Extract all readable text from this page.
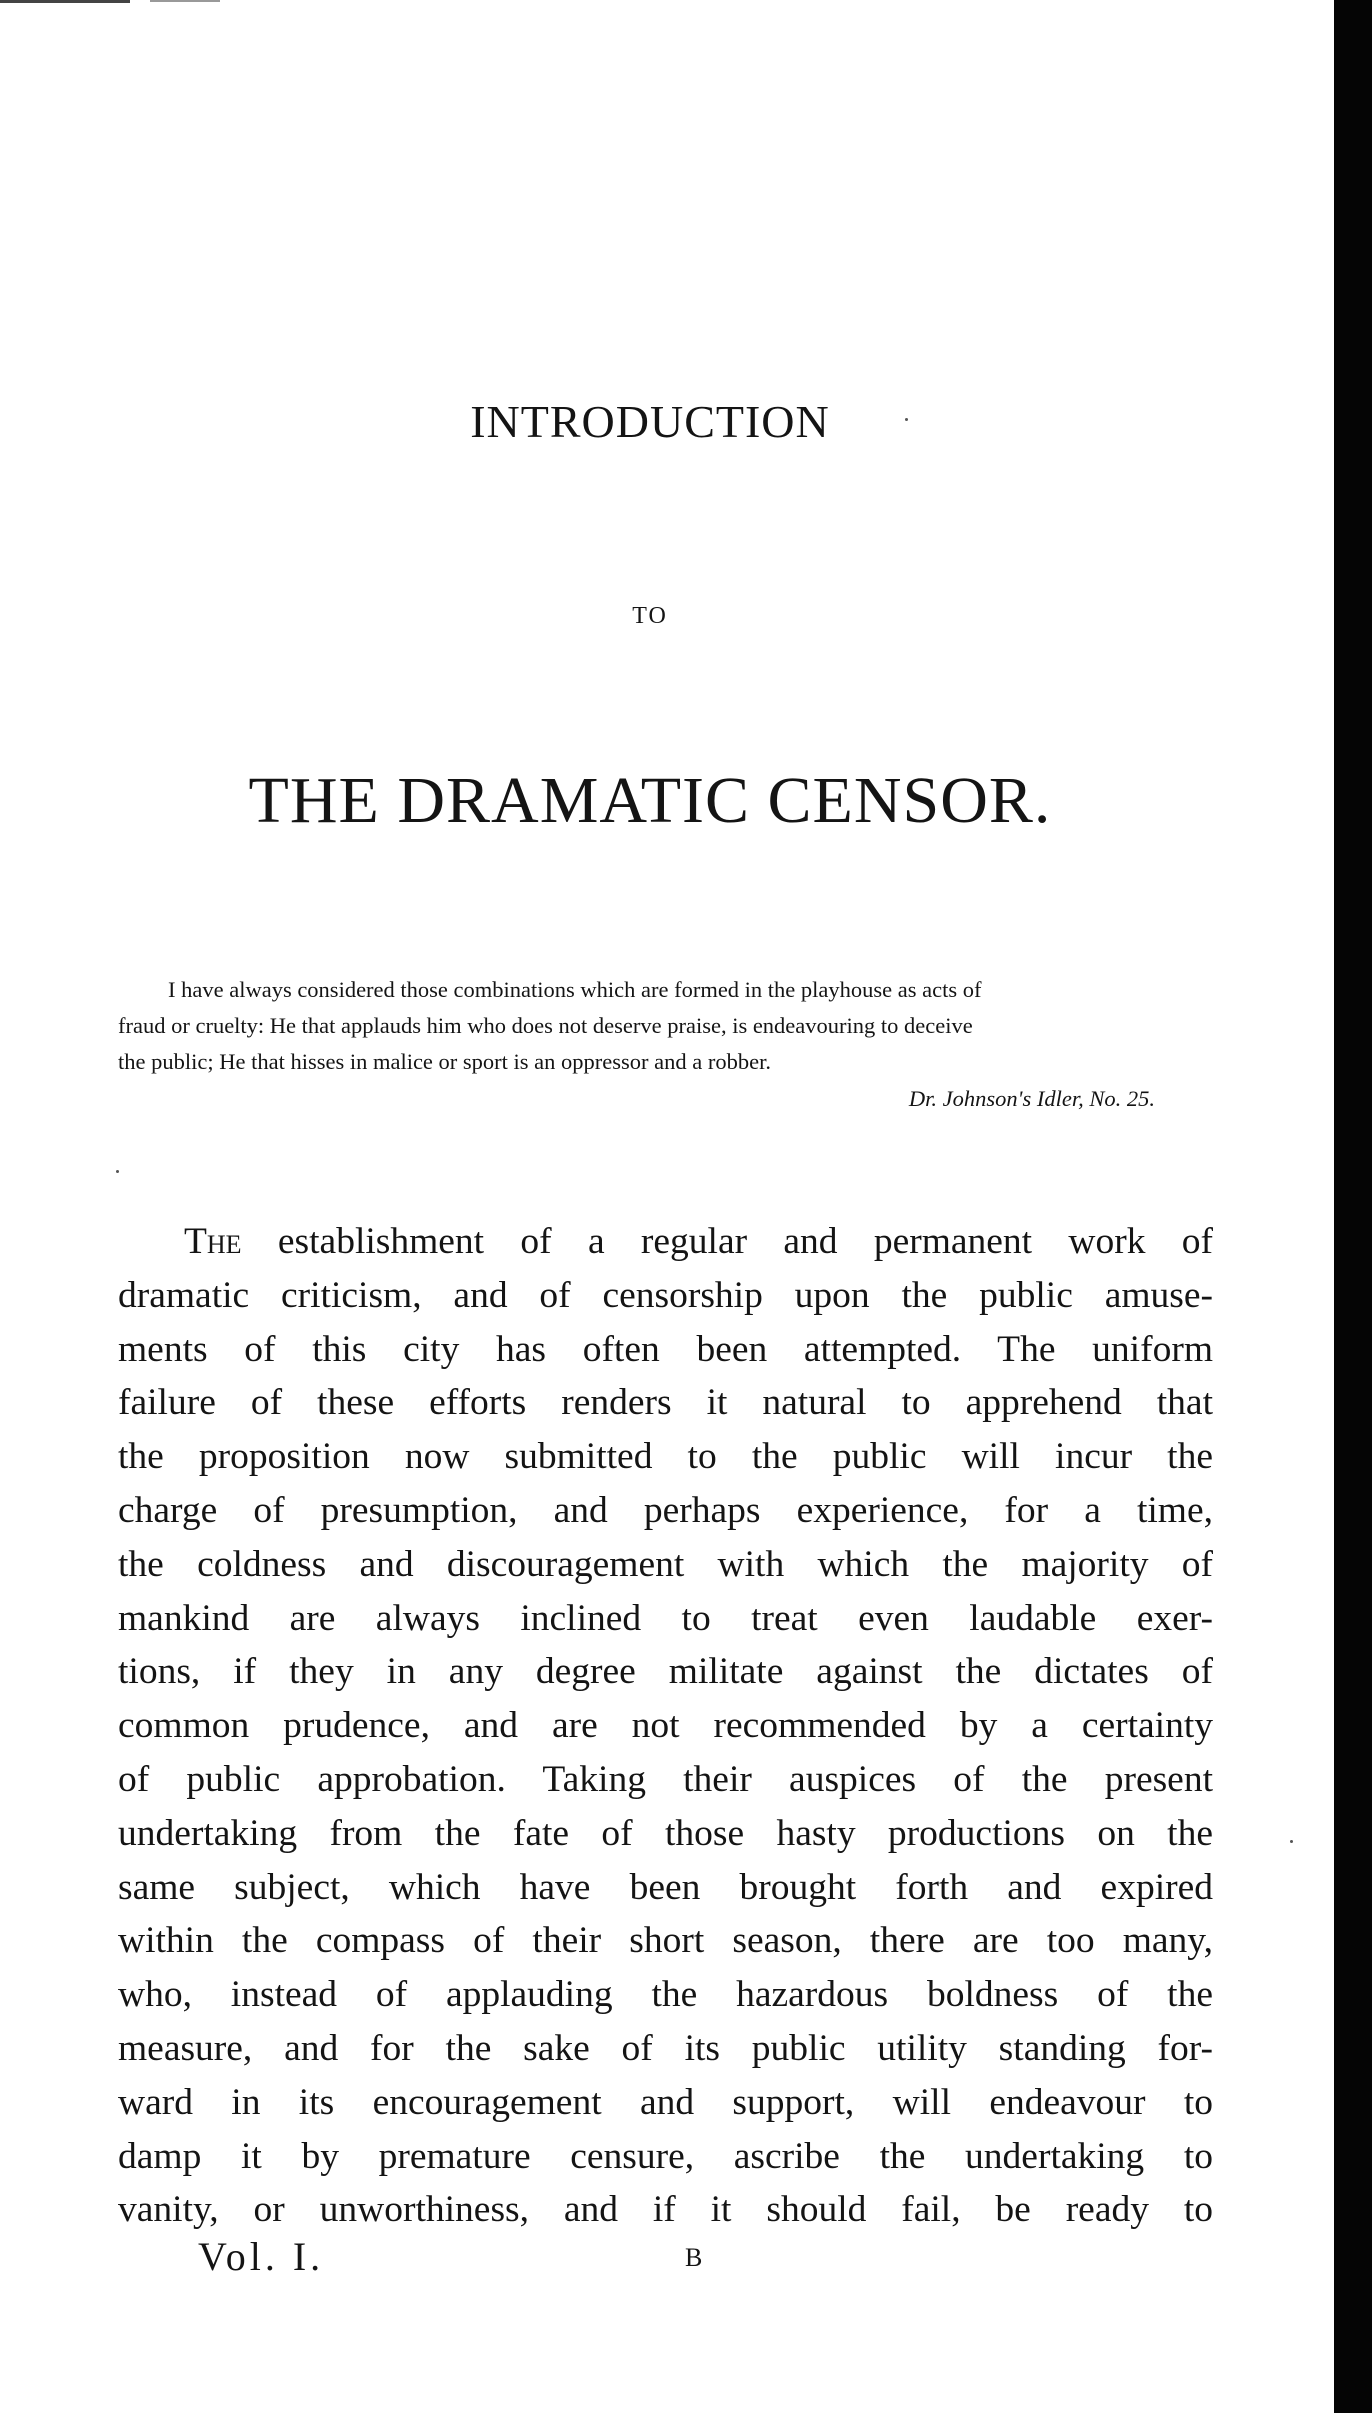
INTRODUCTION
TO
THE DRAMATIC CENSOR.
I have always considered those combinations which are formed in the playhouse as acts of
fraud or cruelty: He that applauds him who does not deserve praise, is endeavouring to deceive
the public; He that hisses in malice or sport is an oppressor and a robber.

Dr. Johnson's Idler, No. 25.

The establishment of a regular and permanent work of
dramatic criticism, and of censorship upon the public amuse-
ments of this city has often been attempted. The uniform
failure of these efforts renders it natural to apprehend that
the proposition now submitted to the public will incur the
charge of presumption, and perhaps experience, for a time,
the coldness and discouragement with which the majority of
mankind are always inclined to treat even laudable exer-
tions, if they in any degree militate against the dictates of
common prudence, and are not recommended by a certainty
of public approbation. Taking their auspices of the present
undertaking from the fate of those hasty productions on the
same subject, which have been brought forth and expired
within the compass of their short season, there are too many,
who, instead of applauding the hazardous boldness of the
measure, and for the sake of its public utility standing for-
ward in its encouragement and support, will endeavour to
damp it by premature censure, ascribe the undertaking to
vanity, or unworthiness, and if it should fail, be ready to

Vol. I.	B
